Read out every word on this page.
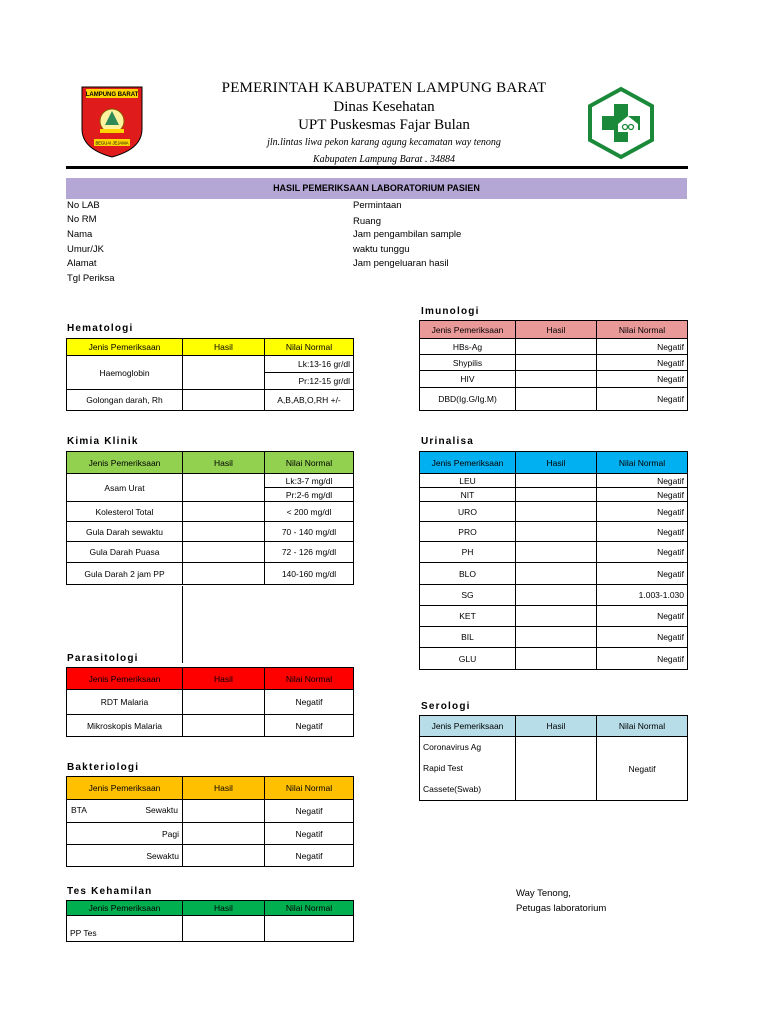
LAMPUNG BARAT
BEGUAI JEJAMA
PEMERINTAH KABUPATEN LAMPUNG BARAT
Dinas Kesehatan
UPT Puskesmas Fajar Bulan
jln.lintas liwa pekon karang agung kecamatan way tenong
Kabupaten Lampung Barat . 34884
HASIL PEMERIKSAAN LABORATORIUM PASIEN
No LAB
No RM
Nama
Umur/JK
Alamat
Tgl Periksa
Permintaan
Ruang
Jam pengambilan sample
waktu tunggu
Jam pengeluaran hasil
Hematologi
Jenis Pemeriksaan	Hasil	Nilai Normal
Haemoglobin		Lk:13-16 gr/dl
		Pr:12-15 gr/dl
Golongan darah, Rh		A,B,AB,O,RH +/-
Imunologi
Jenis Pemeriksaan	Hasil	Nilai Normal
HBs-Ag		Negatif
Shypilis		Negatif
HIV		Negatif
DBD(Ig.G/Ig.M)		Negatif
Kimia Klinik
Jenis Pemeriksaan	Hasil	Nilai Normal
Asam Urat		Lk:3-7 mg/dl
		Pr:2-6 mg/dl
Kolesterol Total		< 200 mg/dl
Gula Darah sewaktu		70 - 140 mg/dl
Gula Darah Puasa		72 - 126 mg/dl
Gula Darah 2 jam PP		140-160 mg/dl
Urinalisa
Jenis Pemeriksaan	Hasil	Nilai Normal
LEU		Negatif
NIT		Negatif
URO		Negatif
PRO		Negatif
PH		Negatif
BLO		Negatif
SG		1.003-1.030
KET		Negatif
BIL		Negatif
GLU		Negatif
Parasitologi
Jenis Pemeriksaan	Hasil	Nilai Normal
RDT Malaria		Negatif
Mikroskopis Malaria		Negatif
Serologi
Jenis Pemeriksaan	Hasil	Nilai Normal

Coronavirus Ag
Rapid Test
Cassete(Swab)		Negatif
Bakteriologi
Jenis Pemeriksaan	Hasil	Nilai Normal

BTA Sewaktu		Negatif
Pagi		Negatif
Sewaktu		Negatif
Tes Kehamilan
Jenis Pemeriksaan	Hasil	Nilai Normal
PP Tes		
Way Tenong,
Petugas laboratorium
